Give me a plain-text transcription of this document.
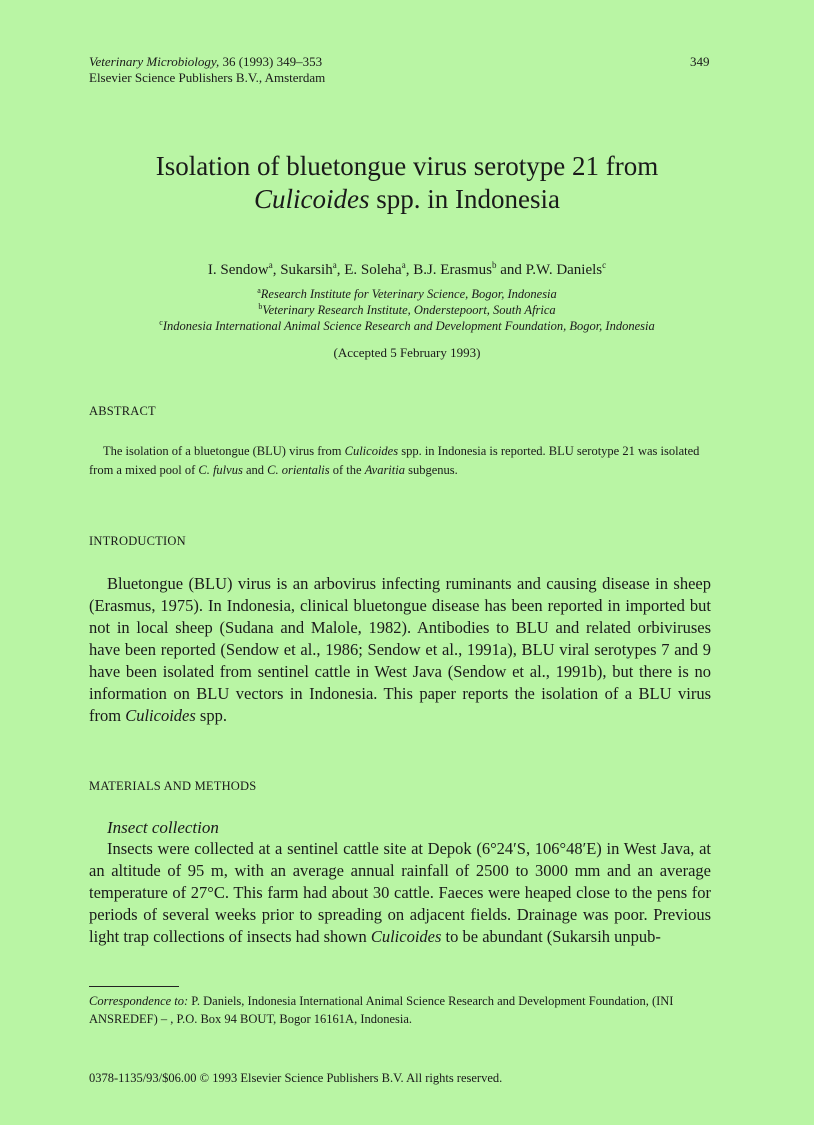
Veterinary Microbiology, 36 (1993) 349–353
Elsevier Science Publishers B.V., Amsterdam
349
Isolation of bluetongue virus serotype 21 from
Culicoides spp. in Indonesia
I. Sendow$^a$, Sukarsih$^a$, E. Soleha$^a$, B.J. Erasmus$^b$ and P.W. Daniels$^c$
$^a$Research Institute for Veterinary Science, Bogor, Indonesia
$^b$Veterinary Research Institute, Onderstepoort, South Africa
$^c$Indonesia International Animal Science Research and Development Foundation, Bogor, Indonesia
(Accepted 5 February 1993)
ABSTRACT

The isolation of a bluetongue (BLU) virus from Culicoides spp. in Indonesia is reported. BLU serotype 21 was isolated from a mixed pool of C. fulvus and C. orientalis of the Avaritia subgenus.

INTRODUCTION

Bluetongue (BLU) virus is an arbovirus infecting ruminants and causing disease in sheep (Erasmus, 1975). In Indonesia, clinical bluetongue disease has been reported in imported but not in local sheep (Sudana and Malole, 1982). Antibodies to BLU and related orbiviruses have been reported (Sendow et al., 1986; Sendow et al., 1991a), BLU viral serotypes 7 and 9 have been isolated from sentinel cattle in West Java (Sendow et al., 1991b), but there is no information on BLU vectors in Indonesia. This paper reports the isolation of a BLU virus from Culicoides spp.

MATERIALS AND METHODS
Insect collection

Insects were collected at a sentinel cattle site at Depok (6°24′S, 106°48′E) in West Java, at an altitude of 95 m, with an average annual rainfall of 2500 to 3000 mm and an average temperature of 27°C. This farm had about 30 cattle. Faeces were heaped close to the pens for periods of several weeks prior to spreading on adjacent fields. Drainage was poor. Previous light trap collections of insects had shown Culicoides to be abundant (Sukarsih unpub-

Correspondence to: P. Daniels, Indonesia International Animal Science Research and Development Foundation, (INI ANSREDEF) – , P.O. Box 94 BOUT, Bogor 16161A, Indonesia.
0378-1135/93/$06.00 © 1993 Elsevier Science Publishers B.V. All rights reserved.
